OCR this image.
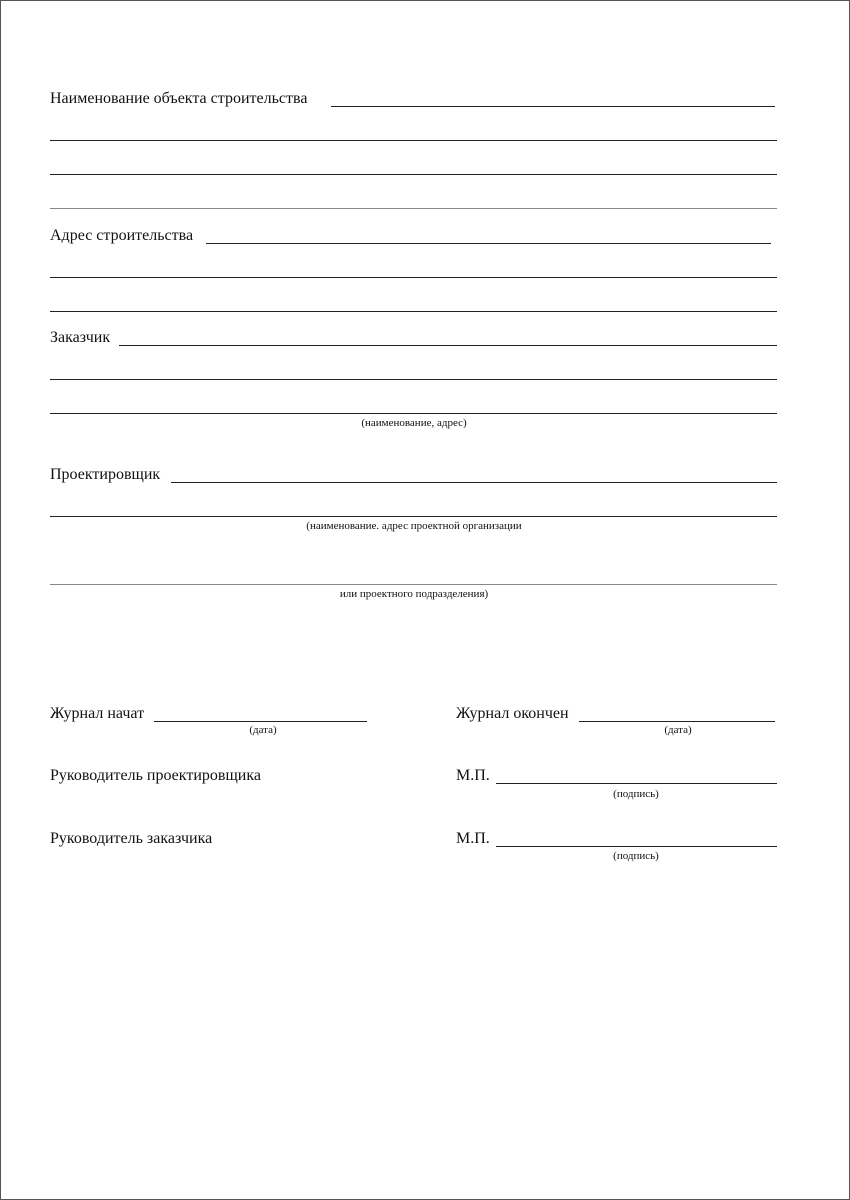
Наименование объекта строительства
Адрес строительства
Заказчик
(наименование, адрес)
Проектировщик
(наименование. адрес проектной организации
или проектного подразделения)
Журнал начат
(дата)
Журнал окончен
(дата)
Руководитель проектировщика	М.П.
(подпись)
Руководитель заказчика	М.П.
(подпись)
